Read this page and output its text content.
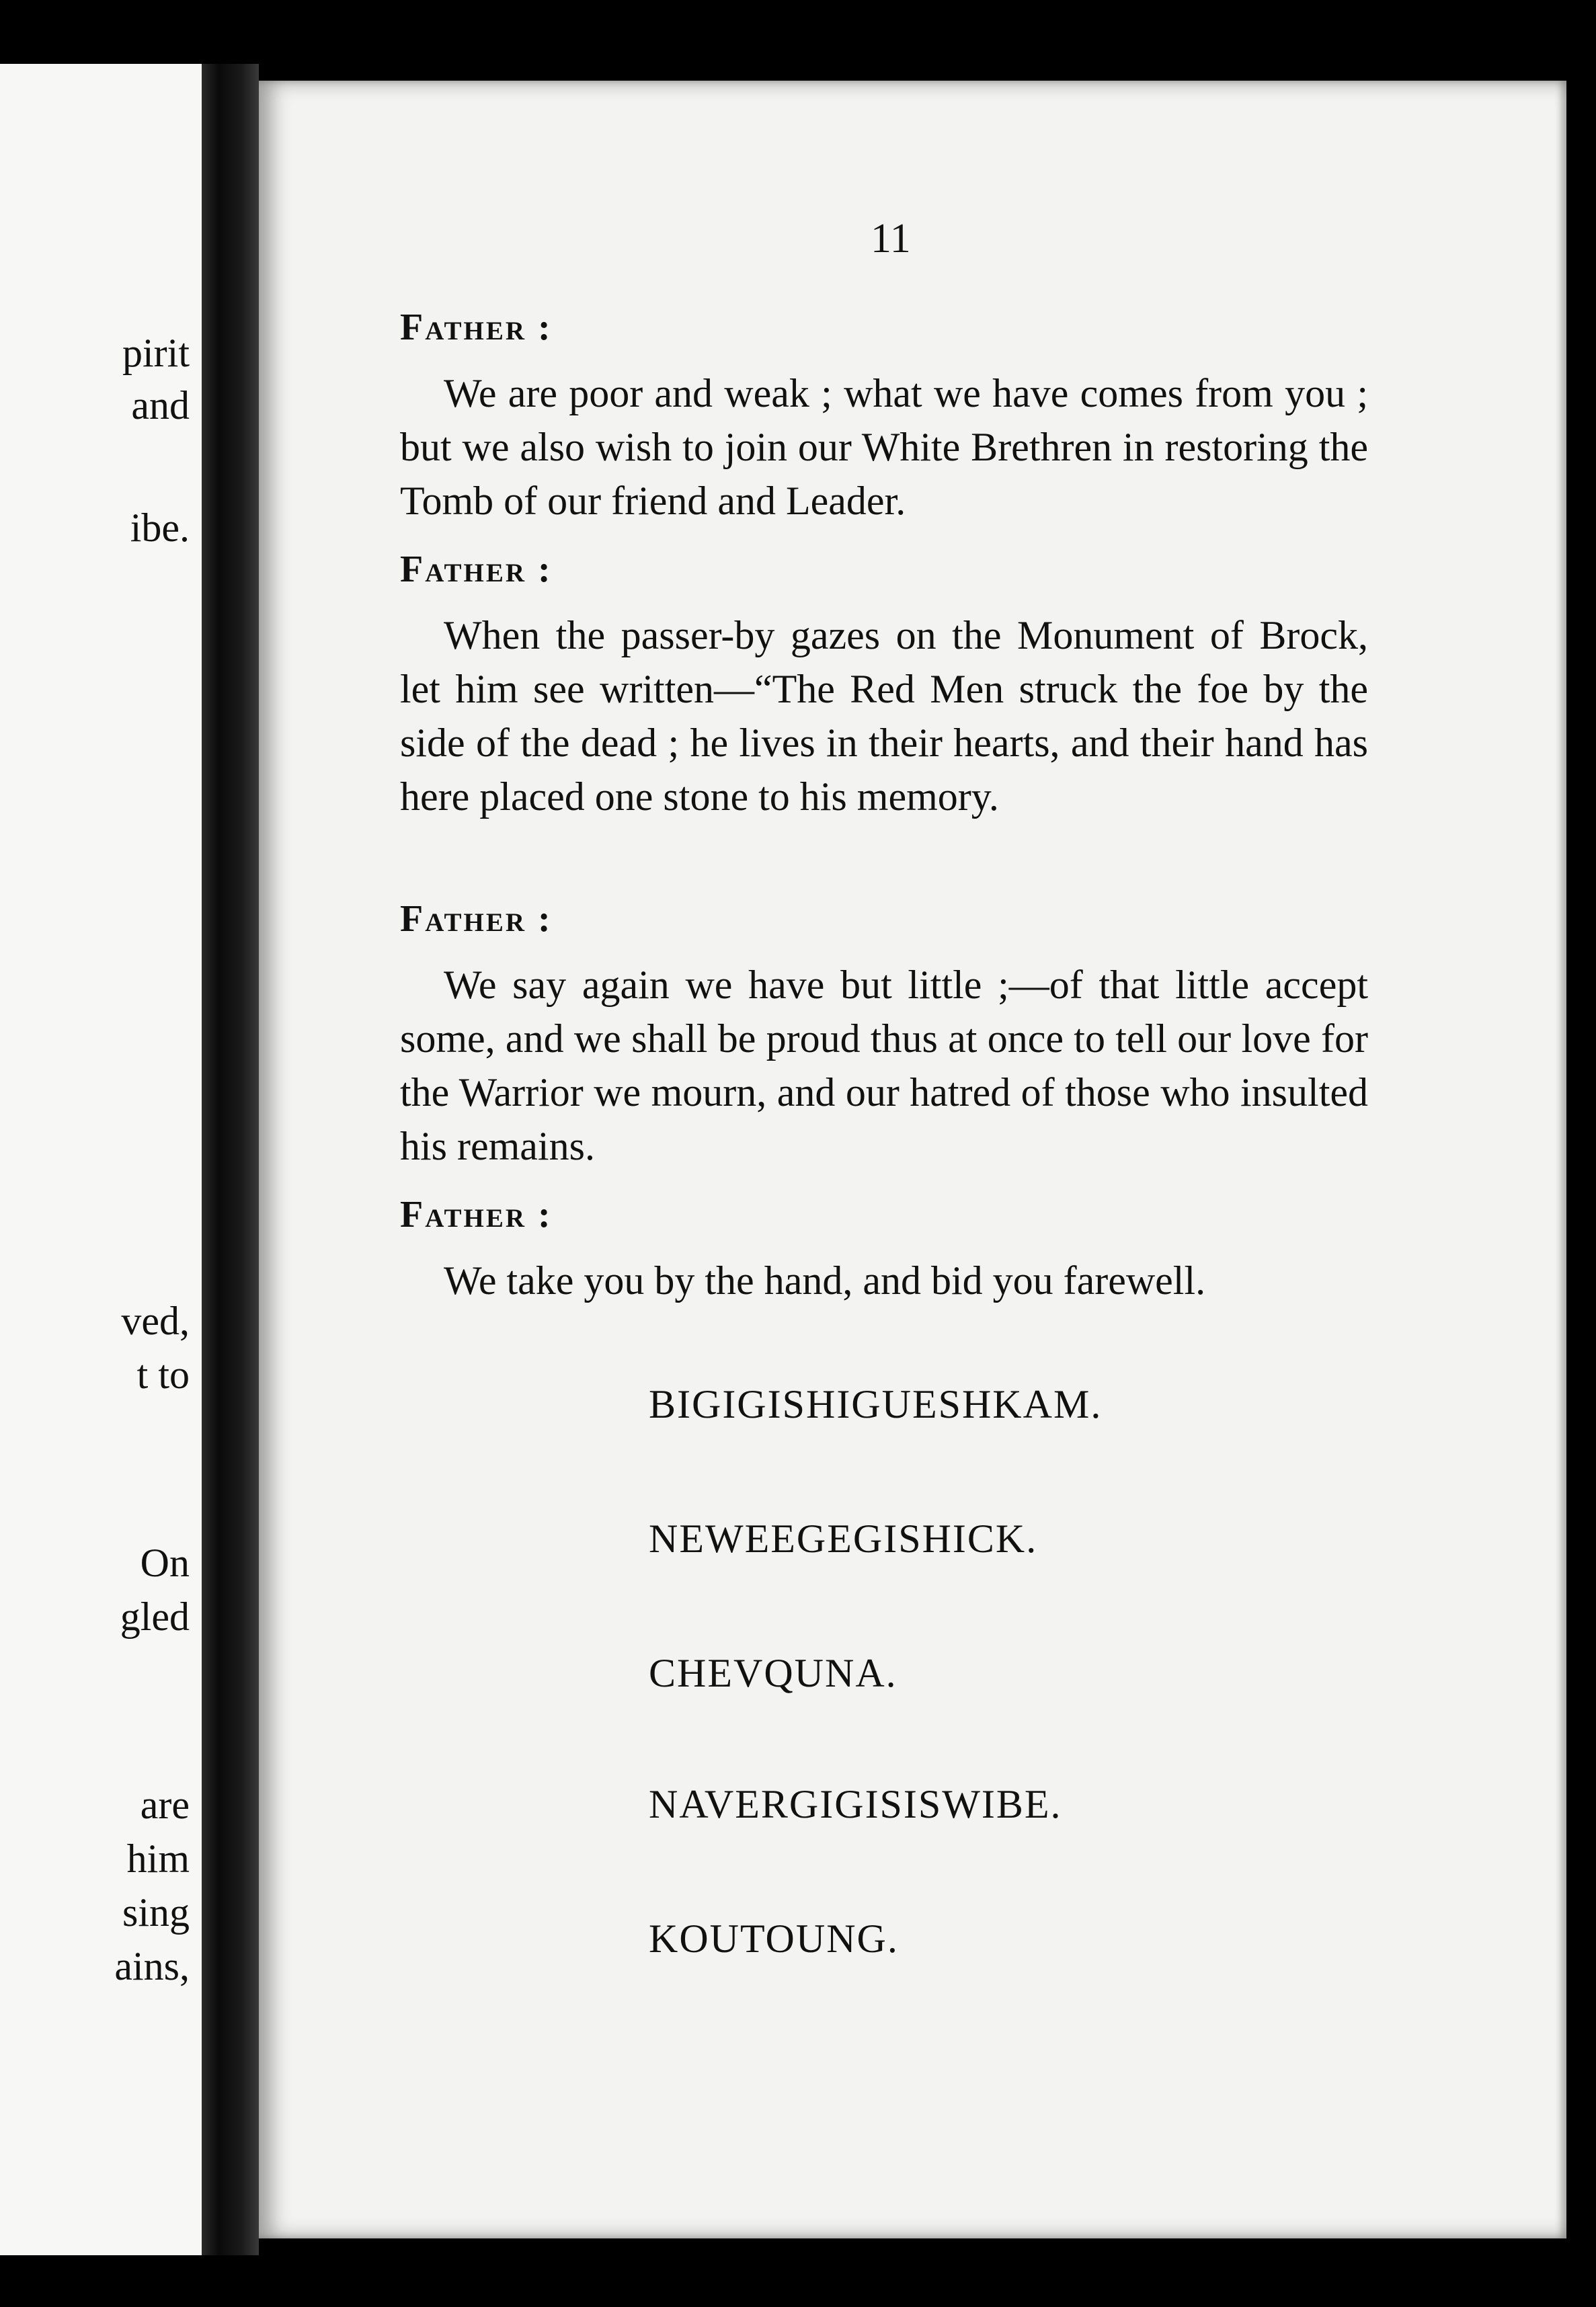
pirit
and
ibe.
ved,
t to
On
gled
are
him
sing
ains,
11
Father :
We are poor and weak ; what we have comes from you ; but we also wish to join our White Brethren in restoring the Tomb of our friend and Leader.
Father :
When the passer-by gazes on the Monument of Brock, let him see written—“The Red Men struck the foe by the side of the dead ; he lives in their hearts, and their hand has here placed one stone to his memory.
Father :
We say again we have but little ;—of that little accept some, and we shall be proud thus at once to tell our love for the Warrior we mourn, and our hatred of those who insulted his remains.
Father :
We take you by the hand, and bid you farewell.
BIGIGISHIGUESHKAM.
NEWEEGEGISHICK.
CHEVQUNA.
NAVERGIGISISWIBE.
KOUTOUNG.
